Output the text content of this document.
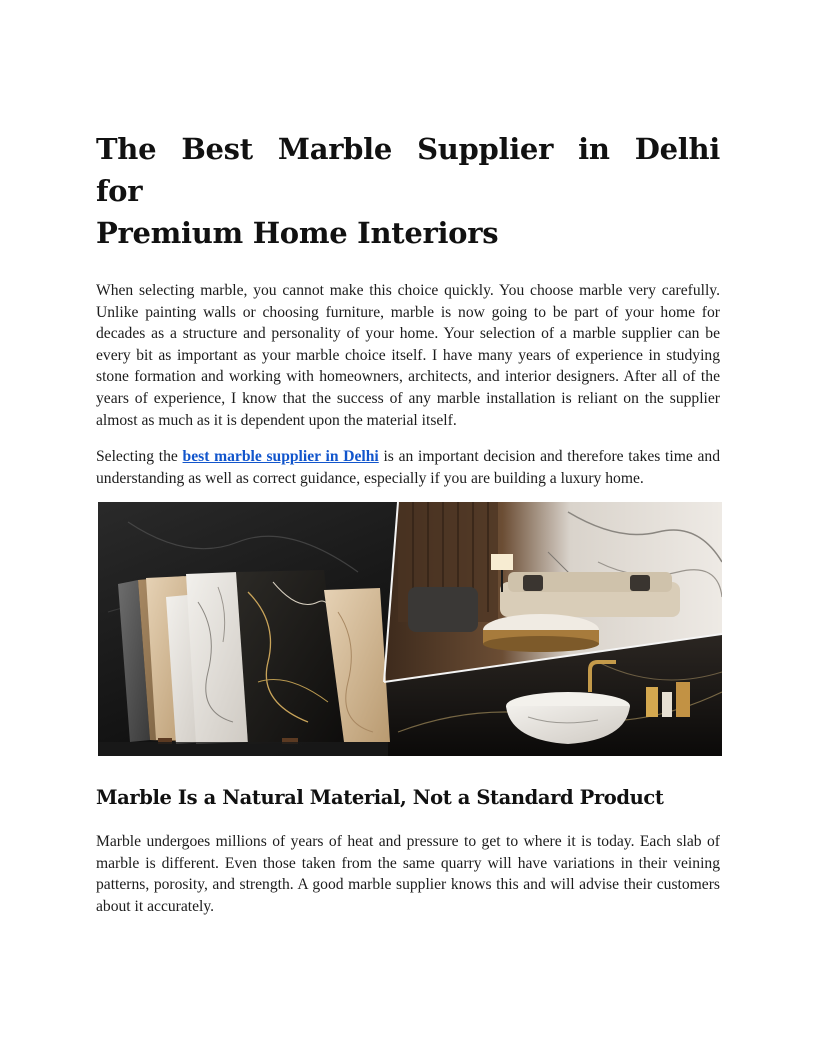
The Best Marble Supplier in Delhi for
Premium Home Interiors

When selecting marble, you cannot make this choice quickly. You choose marble very carefully. Unlike painting walls or choosing furniture, marble is now going to be part of your home for decades as a structure and personality of your home. Your selection of a marble supplier can be every bit as important as your marble choice itself. I have many years of experience in studying stone formation and working with homeowners, architects, and interior designers. After all of the years of experience, I know that the success of any marble installation is reliant on the supplier almost as much as it is dependent upon the material itself.

Selecting the best marble supplier in Delhi is an important decision and therefore takes time and understanding as well as correct guidance, especially if you are building a luxury home.

Marble Is a Natural Material, Not a Standard Product

Marble undergoes millions of years of heat and pressure to get to where it is today. Each slab of marble is different. Even those taken from the same quarry will have variations in their veining patterns, porosity, and strength. A good marble supplier knows this and will advise their customers about it accurately.
